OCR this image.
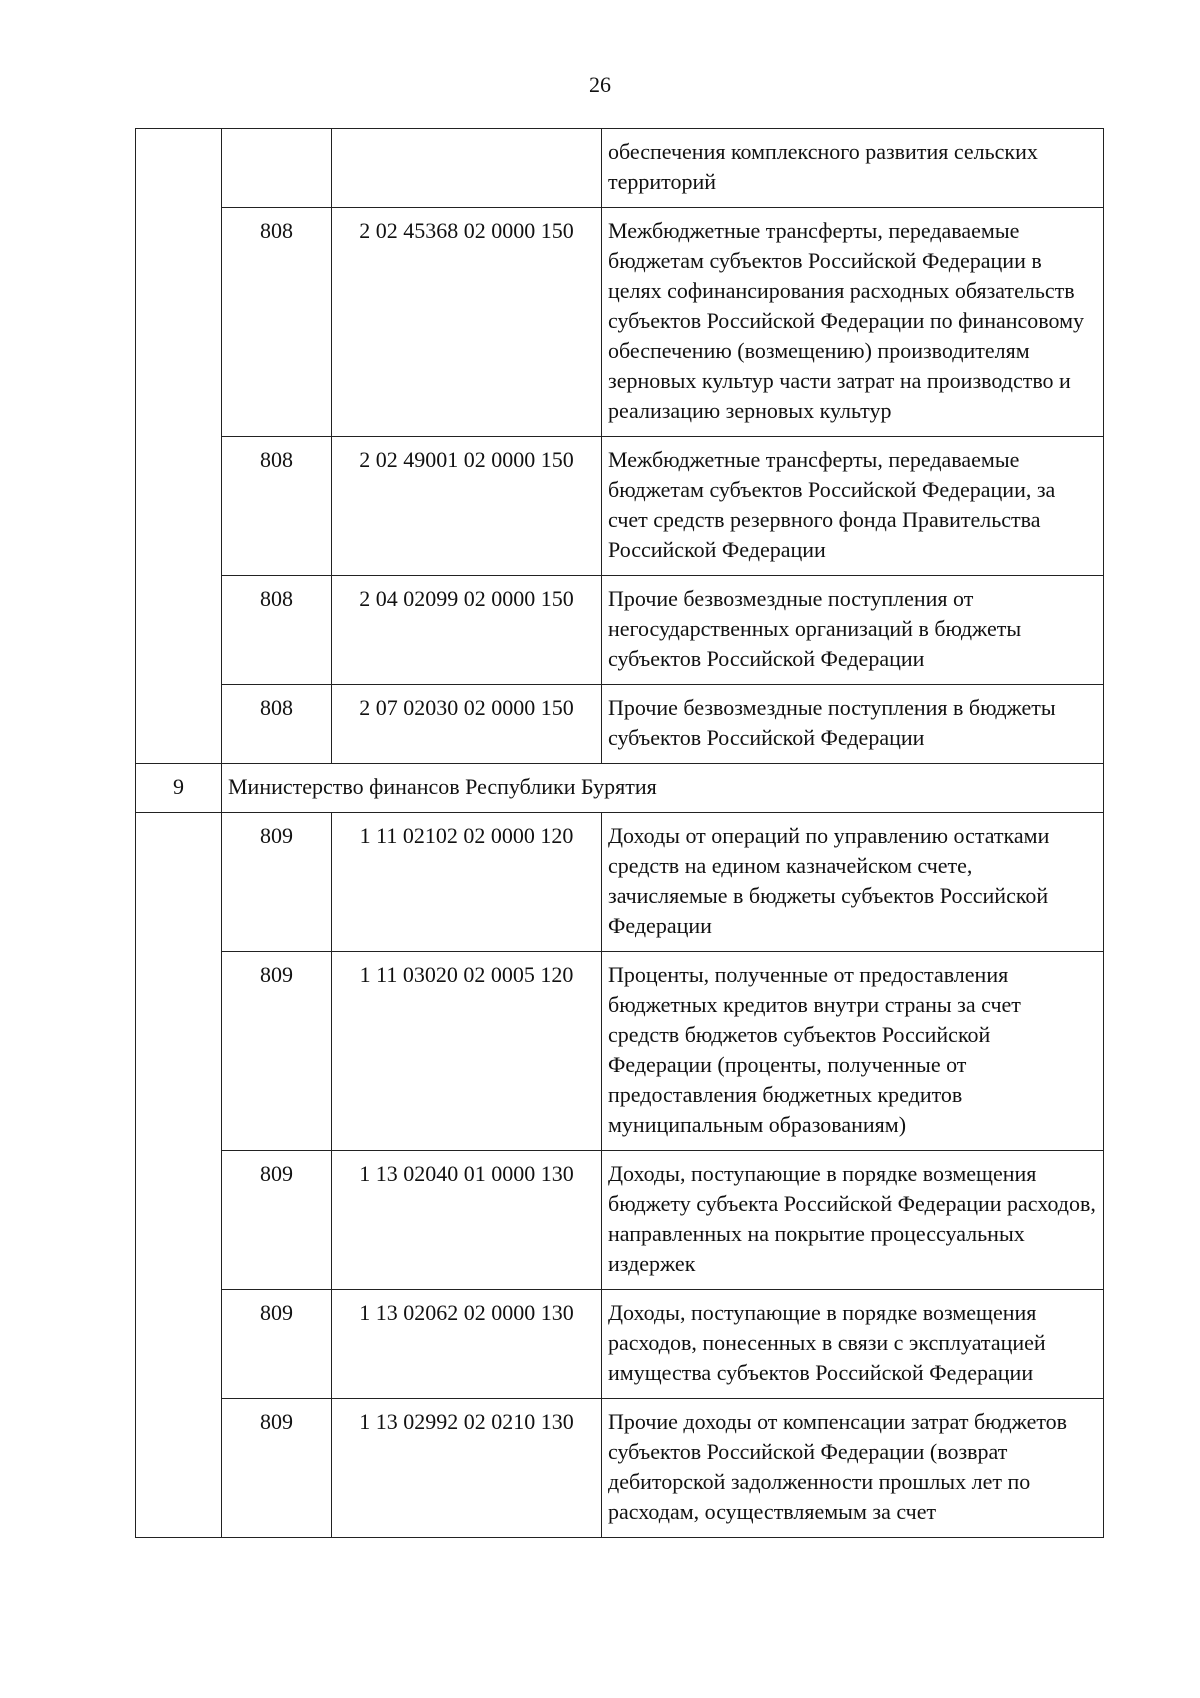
26
			обеспечения комплексного развития сельских территорий
	808	2 02 45368 02 0000 150	Межбюджетные трансферты, передаваемые бюджетам субъектов Российской Федерации в целях софинансирования расходных обязательств субъектов Российской Федерации по финансовому обеспечению (возмещению) производителям зерновых культур части затрат на производство и реализацию зерновых культур
	808	2 02 49001 02 0000 150	Межбюджетные трансферты, передаваемые бюджетам субъектов Российской Федерации, за счет средств резервного фонда Правительства Российской Федерации
	808	2 04 02099 02 0000 150	Прочие безвозмездные поступления от негосударственных организаций в бюджеты субъектов Российской Федерации
	808	2 07 02030 02 0000 150	Прочие безвозмездные поступления в бюджеты субъектов Российской Федерации
9	Министерство финансов Республики Бурятия		
	809	1 11 02102 02 0000 120	Доходы от операций по управлению остатками средств на едином казначейском счете, зачисляемые в бюджеты субъектов Российской Федерации
	809	1 11 03020 02 0005 120	Проценты, полученные от предоставления бюджетных кредитов внутри страны за счет средств бюджетов субъектов Российской Федерации (проценты, полученные от предоставления бюджетных кредитов муниципальным образованиям)
	809	1 13 02040 01 0000 130	Доходы, поступающие в порядке возмещения бюджету субъекта Российской Федерации расходов, направленных на покрытие процессуальных издержек
	809	1 13 02062 02 0000 130	Доходы, поступающие в порядке возмещения расходов, понесенных в связи с эксплуатацией имущества субъектов Российской Федерации
	809	1 13 02992 02 0210 130	Прочие доходы от компенсации затрат бюджетов субъектов Российской Федерации (возврат дебиторской задолженности прошлых лет по расходам, осуществляемым за счет
